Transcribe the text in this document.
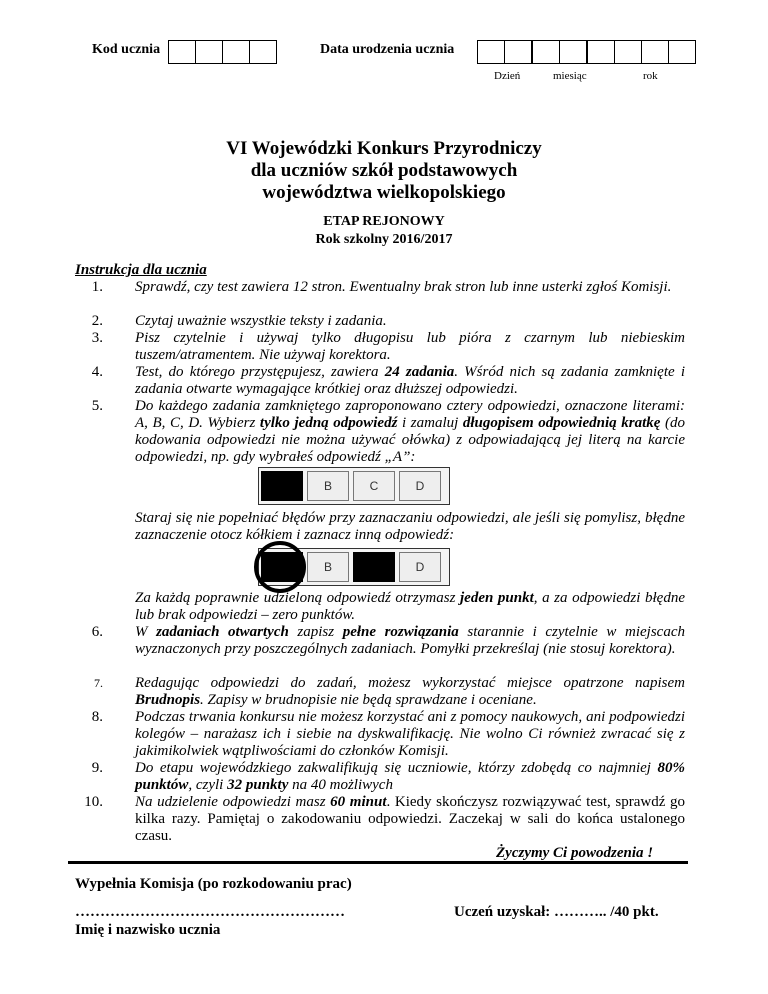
Kod ucznia	Data urodzenia ucznia
Dzień	miesiąc	rok
VI Wojewódzki Konkurs Przyrodniczy
dla uczniów szkół podstawowych
województwa wielkopolskiego
ETAP REJONOWY
Rok szkolny 2016/2017
Instrukcja dla ucznia
1. Sprawdź, czy test zawiera 12 stron. Ewentualny brak stron lub inne usterki zgłoś Komisji.
2. Czytaj uważnie wszystkie teksty i zadania.
3. Pisz czytelnie i używaj tylko długopisu lub pióra z czarnym lub niebieskim tuszem/atramentem. Nie używaj korektora.
4. Test, do którego przystępujesz, zawiera 24 zadania. Wśród nich są zadania zamknięte i zadania otwarte wymagające krótkiej oraz dłuższej odpowiedzi.
5. Do każdego zadania zamkniętego zaproponowano cztery odpowiedzi, oznaczone literami: A, B, C, D. Wybierz tylko jedną odpowiedź i zamaluj długopisem odpowiednią kratkę (do kodowania odpowiedzi nie można używać ołówka) z odpowiadającą jej literą na karcie odpowiedzi, np. gdy wybrałeś odpowiedź „A”:
B	C	D
Staraj się nie popełniać błędów przy zaznaczaniu odpowiedzi, ale jeśli się pomylisz, błędne zaznaczenie otocz kółkiem i zaznacz inną odpowiedź:
B	D
Za każdą poprawnie udzieloną odpowiedź otrzymasz jeden punkt, a za odpowiedzi błędne lub brak odpowiedzi – zero punktów.
6. W zadaniach otwartych zapisz pełne rozwiązania starannie i czytelnie w miejscach wyznaczonych przy poszczególnych zadaniach. Pomyłki przekreślaj (nie stosuj korektora).
7. Redagując odpowiedzi do zadań, możesz wykorzystać miejsce opatrzone napisem Brudnopis. Zapisy w brudnopisie nie będą sprawdzane i oceniane.
8. Podczas trwania konkursu nie możesz korzystać ani z pomocy naukowych, ani podpowiedzi kolegów – narażasz ich i siebie na dyskwalifikację. Nie wolno Ci również zwracać się z jakimikolwiek wątpliwościami do członków Komisji.
9. Do etapu wojewódzkiego zakwalifikują się uczniowie, którzy zdobędą co najmniej 80% punktów, czyli 32 punkty na 40 możliwych
10. Na udzielenie odpowiedzi masz 60 minut. Kiedy skończysz rozwiązywać test, sprawdź go kilka razy. Pamiętaj o zakodowaniu odpowiedzi. Zaczekaj w sali do końca ustalonego czasu.
Życzymy Ci powodzenia !
Wypełnia Komisja (po rozkodowaniu prac)
………………………………………………
Imię i nazwisko ucznia
Uczeń uzyskał: ……….. /40 pkt.
